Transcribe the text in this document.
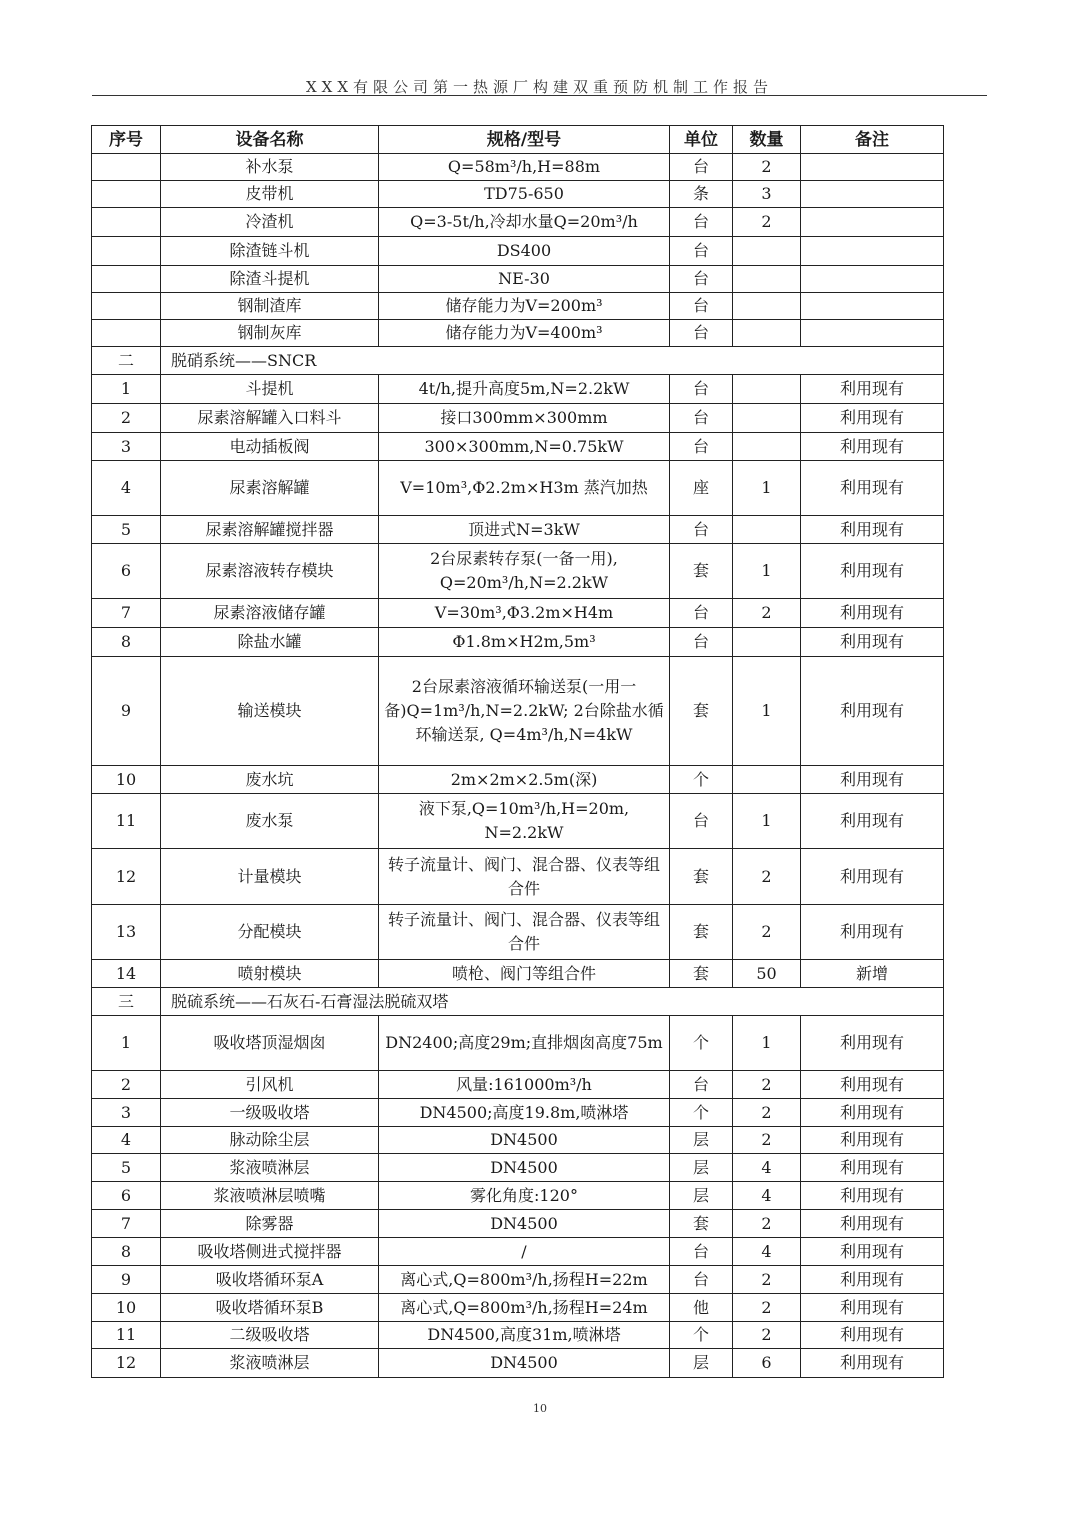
XXX有限公司第一热源厂构建双重预防机制工作报告
序号	设备名称	规格/型号	单位	数量	备注
	补水泵	Q=58m³/h,H=88m	台	2	
	皮带机	TD75-650	条	3	
	冷渣机	Q=3-5t/h,冷却水量Q=20m³/h	台	2	
	除渣链斗机	DS400	台		
	除渣斗提机	NE-30	台		
	钢制渣库	储存能力为V=200m³	台		
	钢制灰库	储存能力为V=400m³	台		
二	脱硝系统——SNCR				
1	斗提机	4t/h,提升高度5m,N=2.2kW	台		利用现有
2	尿素溶解罐入口料斗	接口300mm×300mm	台		利用现有
3	电动插板阀	300×300mm,N=0.75kW	台		利用现有
4	尿素溶解罐	V=10m³,Φ2.2m×H3m 蒸汽加热	座	1	利用现有
5	尿素溶解罐搅拌器	顶进式N=3kW	台		利用现有
6	尿素溶液转存模块	2台尿素转存泵(一备一用), Q=20m³/h,N=2.2kW	套	1	利用现有
7	尿素溶液储存罐	V=30m³,Φ3.2m×H4m	台	2	利用现有
8	除盐水罐	Φ1.8m×H2m,5m³	台		利用现有
9	输送模块	2台尿素溶液循环输送泵(一用一备)Q=1m³/h,N=2.2kW; 2台除盐水循环输送泵, Q=4m³/h,N=4kW	套	1	利用现有
10	废水坑	2m×2m×2.5m(深)	个		利用现有
11	废水泵	液下泵,Q=10m³/h,H=20m, N=2.2kW	台	1	利用现有
12	计量模块	转子流量计、阀门、混合器、仪表等组合件	套	2	利用现有
13	分配模块	转子流量计、阀门、混合器、仪表等组合件	套	2	利用现有
14	喷射模块	喷枪、阀门等组合件	套	50	新增
三	脱硫系统——石灰石-石膏湿法脱硫双塔				
1	吸收塔顶湿烟囱	DN2400;高度29m;直排烟囱高度75m	个	1	利用现有
2	引风机	风量:161000m³/h	台	2	利用现有
3	一级吸收塔	DN4500;高度19.8m,喷淋塔	个	2	利用现有
4	脉动除尘层	DN4500	层	2	利用现有
5	浆液喷淋层	DN4500	层	4	利用现有
6	浆液喷淋层喷嘴	雾化角度:120°	层	4	利用现有
7	除雾器	DN4500	套	2	利用现有
8	吸收塔侧进式搅拌器	/	台	4	利用现有
9	吸收塔循环泵A	离心式,Q=800m³/h,扬程H=22m	台	2	利用现有
10	吸收塔循环泵B	离心式,Q=800m³/h,扬程H=24m	他	2	利用现有
11	二级吸收塔	DN4500,高度31m,喷淋塔	个	2	利用现有
12	浆液喷淋层	DN4500	层	6	利用现有
10
